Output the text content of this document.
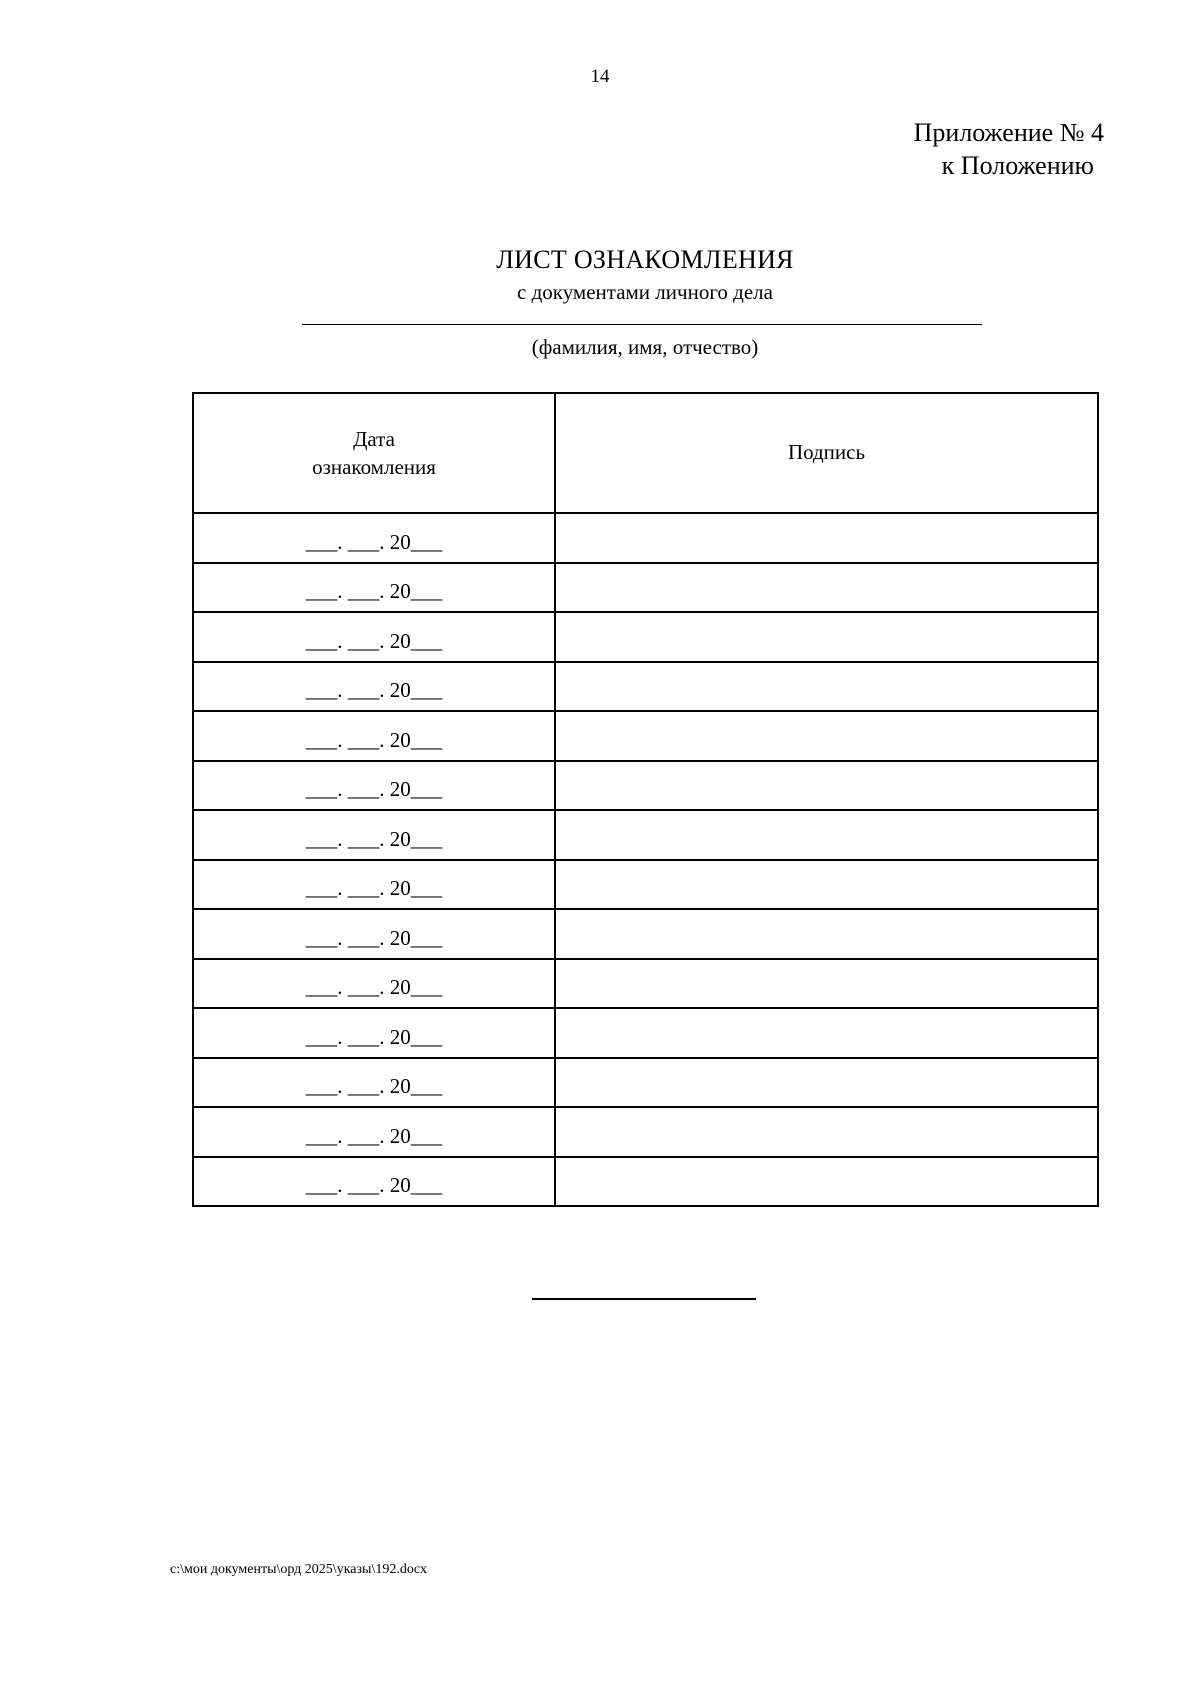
14
Приложение № 4
к Положению
ЛИСТ ОЗНАКОМЛЕНИЯ
с документами личного дела
(фамилия, имя, отчество)
Дата
ознакомления	Подпись
___. ___. 20___	
___. ___. 20___	
___. ___. 20___	
___. ___. 20___	
___. ___. 20___	
___. ___. 20___	
___. ___. 20___	
___. ___. 20___	
___. ___. 20___	
___. ___. 20___	
___. ___. 20___	
___. ___. 20___	
___. ___. 20___	
___. ___. 20___	
c:\мои документы\орд 2025\указы\192.docx
